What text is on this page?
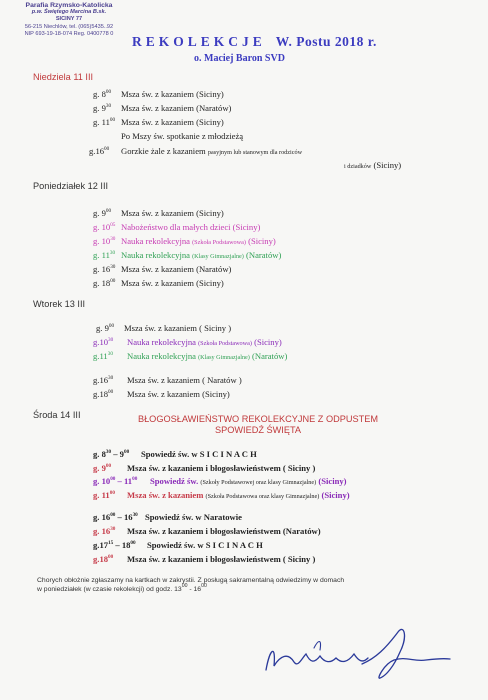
Parafia Rzymsko-Katolicka
p.w. Świętego Marcina B.sk.
SICINY 77
56-215 Niechlów, tel. (065)5435..92
NIP 693-19-18-074 Reg. 0400778 0
REKOLEKCJE W. Postu 2018 r.
o. Maciej Baron SVD
Niedziela 11 III
g. $8^{00}$ Msza św. z kazaniem (Siciny)
g. $9^{30}$ Msza św. z kazaniem (Naratów)
g. $11^{00}$ Msza św. z kazaniem (Siciny)
Po Mszy św. spotkanie z młodzieżą
$g.16^{00}$ Gorzkie żale z kazaniem pasyjnym lub stanowym dla rodziców
i dziadków (Siciny)
Poniedziałek 12 III
g. $9^{00}$ Msza św. z kazaniem (Siciny)
g. $10^{05}$ Nabożeństwo dla małych dzieci (Siciny)
g. $10^{30}$ Nauka rekolekcyjna (Szkoła Podstawowa) (Siciny)
g. $11^{30}$ Nauka rekolekcyjna (Klasy Gimnazjalne) (Naratów)
g. $16^{30}$ Msza św. z kazaniem (Naratów)
g. $18^{00}$ Msza św. z kazaniem (Siciny)
Wtorek 13 III
g. $9^{00}$ Msza św. z kazaniem ( Siciny )
$g.10^{30}$ Nauka rekolekcyjna (Szkoła Podstawowa) (Siciny)
$g.11^{30}$ Nauka rekolekcyjna (Klasy Gimnazjalne) (Naratów)
$g.16^{30}$ Msza św. z kazaniem ( Naratów )
$g.18^{00}$ Msza św. z kazaniem (Siciny)
Środa 14 III	BŁOGOSŁAWIEŃSTWO REKOLEKCYJNE Z ODPUSTEM
SPOWIEDŹ ŚWIĘTA
g. $8^{30} - 9^{00}$ Spowiedź św. w S I C I N A C H
g. $9^{00}$ Msza św. z kazaniem i błogosławieństwem ( Siciny )
g. $10^{00} - 11^{00}$ Spowiedź św. (Szkoły Podstawowej oraz klasy Gimnazjalne) (Siciny)
g. $11^{00}$ Msza św. z kazaniem (Szkoła Podstawowa oraz klasy Gimnazjalne) (Siciny)
g. $16^{00} - 16^{30}$ Spowiedź św. w Naratowie
g. $16^{30}$ Msza św. z kazaniem i błogosławieństwem (Naratów)
$g.17^{15} - 18^{00}$ Spowiedź św. w S I C I N A C H
$g.18^{00}$ Msza św. z kazaniem i błogosławieństwem ( Siciny )
Chorych obłożnie zgłaszamy na kartkach w zakrystii. Z posługą sakramentalną odwiedzimy w domach
w poniedziałek (w czasie rekolekcji) od godz. $13^{00} - 16^{00}$
